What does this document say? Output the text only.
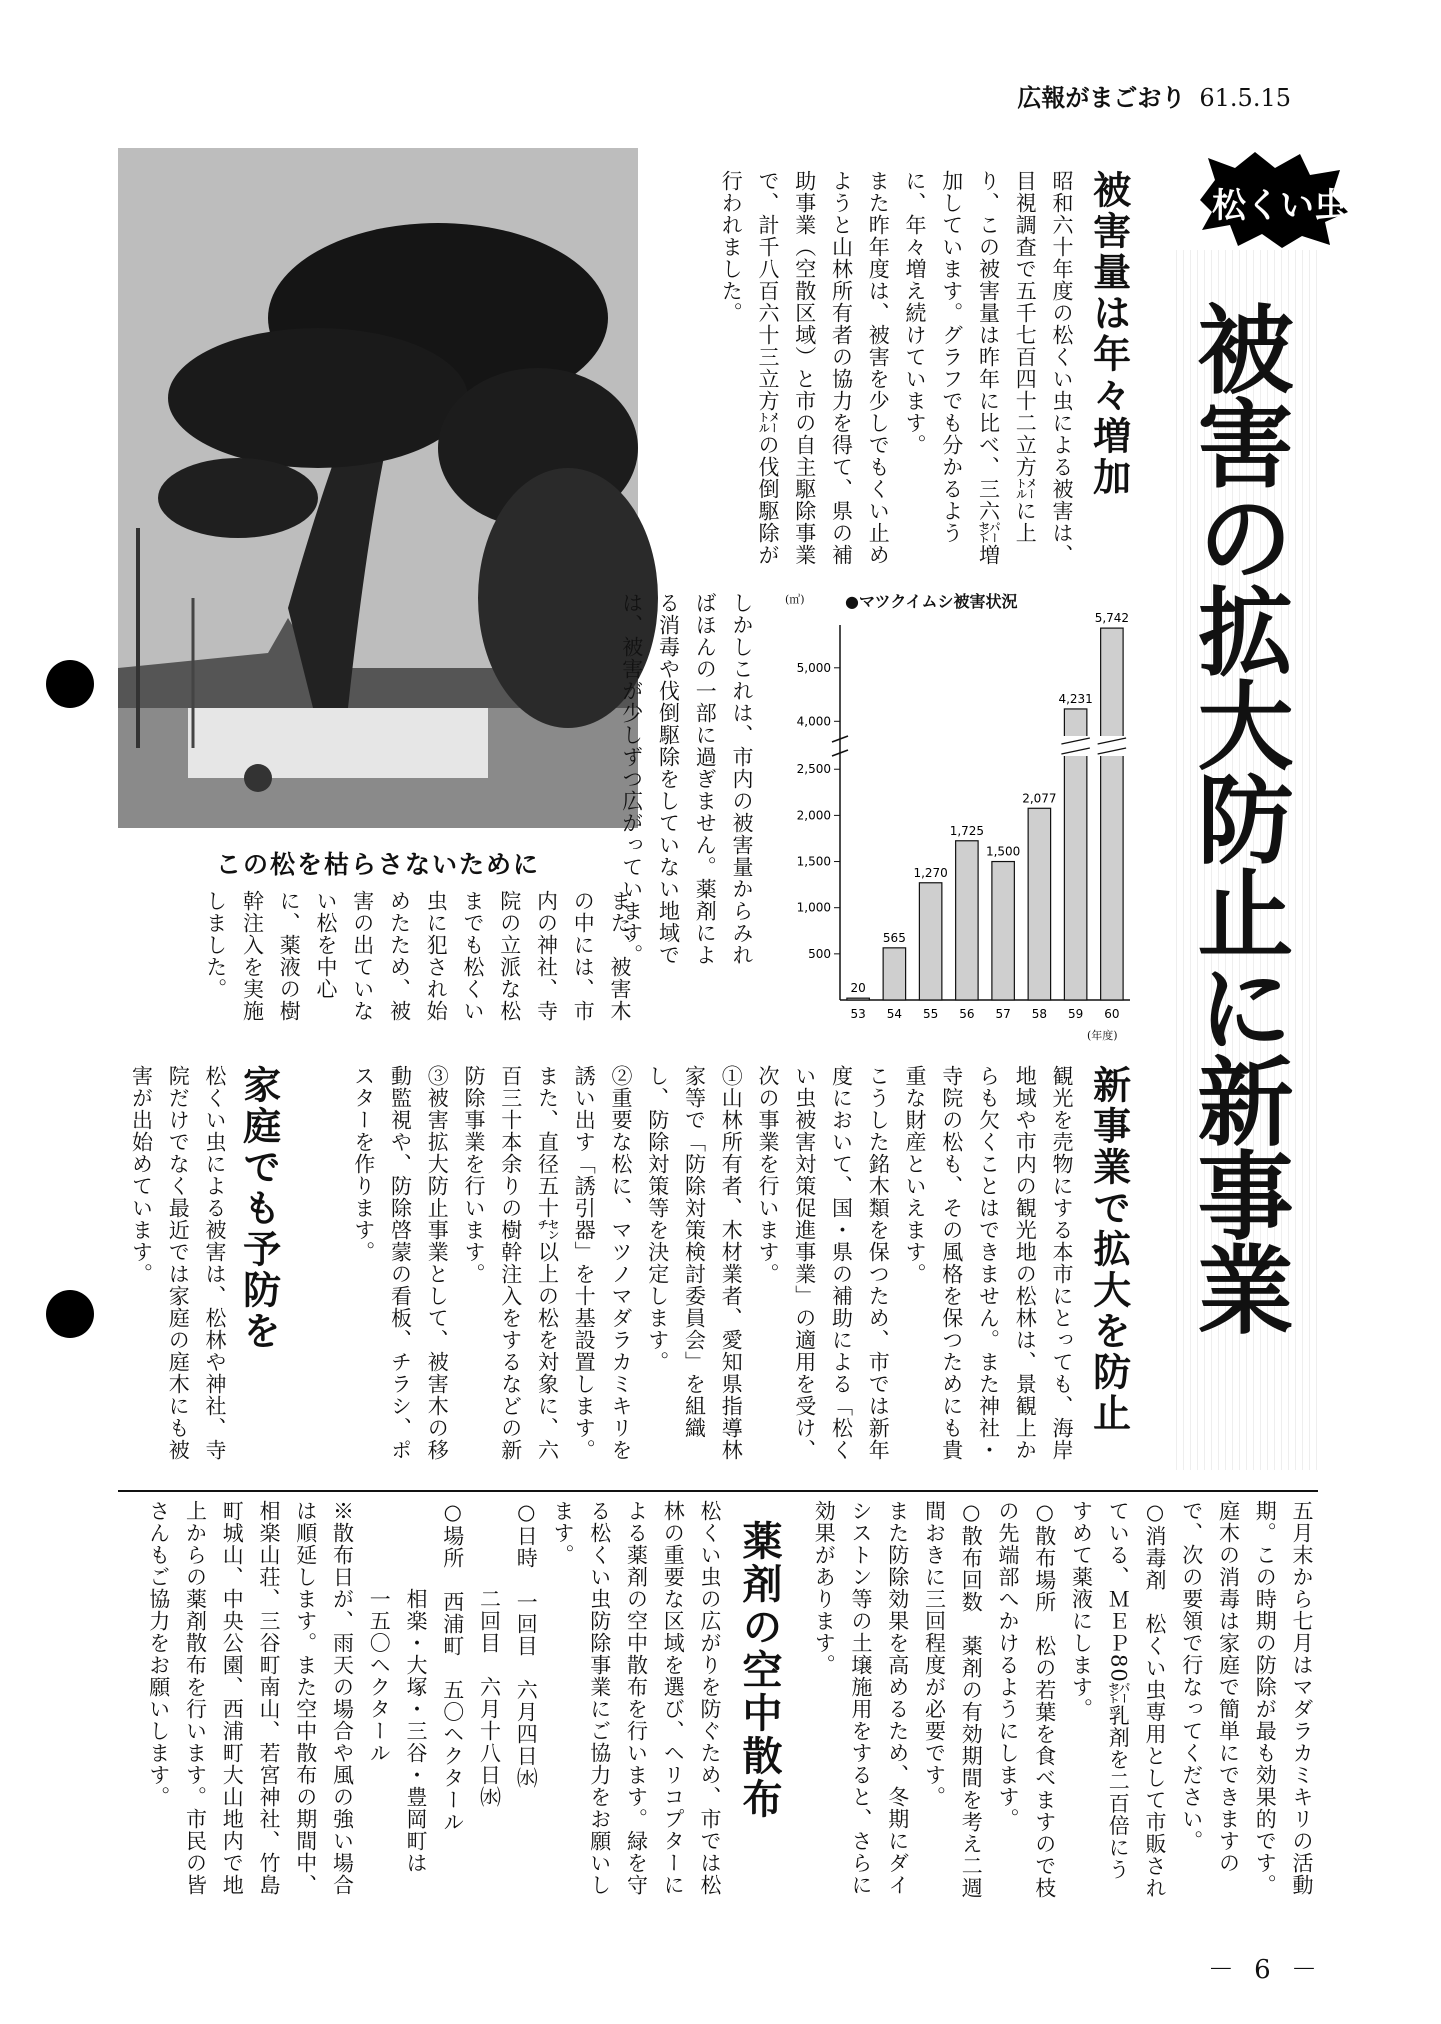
広報がまごおり 61.5.15
この松を枯らさないために
松くい虫
被害の拡大防止に新事業
被害量は年々増加

昭和六十年度の松くい虫による被害は、目視調査で五千七百四十二立方㍍に上り、この被害量は昨年に比べ、三六㌫増加しています。グラフでも分かるように、年々増え続けています。

また昨年度は、被害を少しでもくい止めようと山林所有者の協力を得て、県の補助事業（空散区域）と市の自主駆除事業で、計千八百六十三立方㍍の伐倒駆除が行われました。

しかしこれは、市内の被害量からみればほんの一部に過ぎません。薬剤による消毒や伐倒駆除をしていない地域では、被害が少しずつ広がっています。

また、被害木の中には、市内の神社、寺院の立派な松までも松くい虫に犯され始めたため、被害の出ていない松を中心に、薬液の樹幹注入を実施しました。

●マツクイムシ被害状況
(㎥)
(年度)
500
1,000
1,500
2,000
2,500
4,000
5,000
20
53
565
54
1,270
55
1,725
56
1,500
57
2,077
58
4,231
59
5,742
60
新事業で拡大を防止

観光を売物にする本市にとっても、海岸地域や市内の観光地の松林は、景観上からも欠くことはできません。また神社・寺院の松も、その風格を保つためにも貴重な財産といえます。

こうした銘木類を保つため、市では新年度において、国・県の補助による「松くい虫被害対策促進事業」の適用を受け、次の事業を行います。

①山林所有者、木材業者、愛知県指導林家等で「防除対策検討委員会」を組織し、防除対策等を決定します。

②重要な松に、マツノマダラカミキリを誘い出す「誘引器」を十基設置します。また、直径五十㌢以上の松を対象に、六百三十本余りの樹幹注入をするなどの新防除事業を行います。

③被害拡大防止事業として、被害木の移動監視や、防除啓蒙の看板、チラシ、ポスターを作ります。

家庭でも予防を

松くい虫による被害は、松林や神社、寺院だけでなく最近では家庭の庭木にも被害が出始めています。

五月末から七月はマダラカミキリの活動期。この時期の防除が最も効果的です。庭木の消毒は家庭で簡単にできますので、次の要領で行なってください。

○消毒剤　松くい虫専用として市販されている、ＭＥＰ80㌫乳剤を二百倍にうすめて薬液にします。

○散布場所　松の若葉を食べますので枝の先端部へかけるようにします。

○散布回数　薬剤の有効期間を考え二週間おきに三回程度が必要です。

また防除効果を高めるため、冬期にダイシストン等の土壌施用をすると、さらに効果があります。

薬剤の空中散布

松くい虫の広がりを防ぐため、市では松林の重要な区域を選び、ヘリコプターによる薬剤の空中散布を行います。緑を守る松くい虫防除事業にご協力をお願いします。

○日時　一回目　六月四日㈬

　　　　二回目　六月十八日㈬

○場所　西浦町　五〇ヘクタール

　　　　相楽・大塚・三谷・豊岡町は

　　　　一五〇ヘクタール

※散布日が、雨天の場合や風の強い場合は順延します。また空中散布の期間中、相楽山荘、三谷町南山、若宮神社、竹島町城山、中央公園、西浦町大山地内で地上からの薬剤散布を行います。市民の皆さんもご協力をお願いします。

－ 6 －
